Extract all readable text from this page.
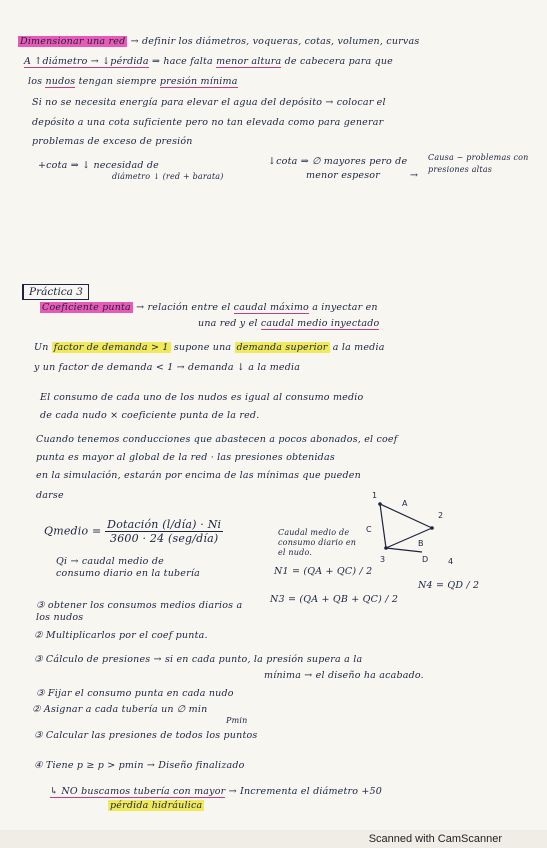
Dimensionar una red → definir los diámetros, voqueras, cotas, volumen, curvas
A ↑diámetro → ↓pérdida ⇒ hace falta menor altura de cabecera para que
los nudos tengan siempre presión mínima
Si no se necesita energía para elevar el agua del depósito → colocar el
depósito a una cota suficiente pero no tan elevada como para generar
problemas de exceso de presión
+cota ⇒ ↓ necesidad de
diámetro ↓ (red + barata)
↓cota ⇒ ∅ mayores pero de
menor espesor	→
Causa ~ problemas con presiones altas
Práctica 3
Coeficiente punta → relación entre el caudal máximo a inyectar en
una red y el caudal medio inyectado
Un factor de demanda > 1 supone una demanda superior a la media
y un factor de demanda < 1 → demanda ↓ a la media
El consumo de cada uno de los nudos es igual al consumo medio
de cada nudo × coeficiente punta de la red.
Cuando tenemos conducciones que abastecen a pocos abonados, el coef
punta es mayor al global de la red · las presiones obtenidas
en la simulación, estarán por encima de las mínimas que pueden
darse
Qmedio = $\frac{\text{Dotación (l/día) · Ni}}{\text{3600 · 24 (seg/día)}}$
Qi → caudal medio de consumo diario en la tubería
Caudal medio de consumo diario en el nudo.
1
2
3	4
A
B
C
D
N1 = (QA + QC) / 2
N3 = (QA + QB + QC) / 2
N4 = QD / 2
③ obtener los consumos medios diarios a los nudos
② Multiplicarlos por el coef punta.
③ Cálculo de presiones → si en cada punto, la presión supera a la
mínima → el diseño ha acabado.
③ Fijar el consumo punta en cada nudo
② Asignar a cada tubería un ∅ min
Pmin
③ Calcular las presiones de todos los puntos
④ Tiene p ≥ p > pmin → Diseño finalizado
↳ NO buscamos tubería con mayor → Incrementa el diámetro +50
pérdida hidráulica
Scanned with CamScanner
